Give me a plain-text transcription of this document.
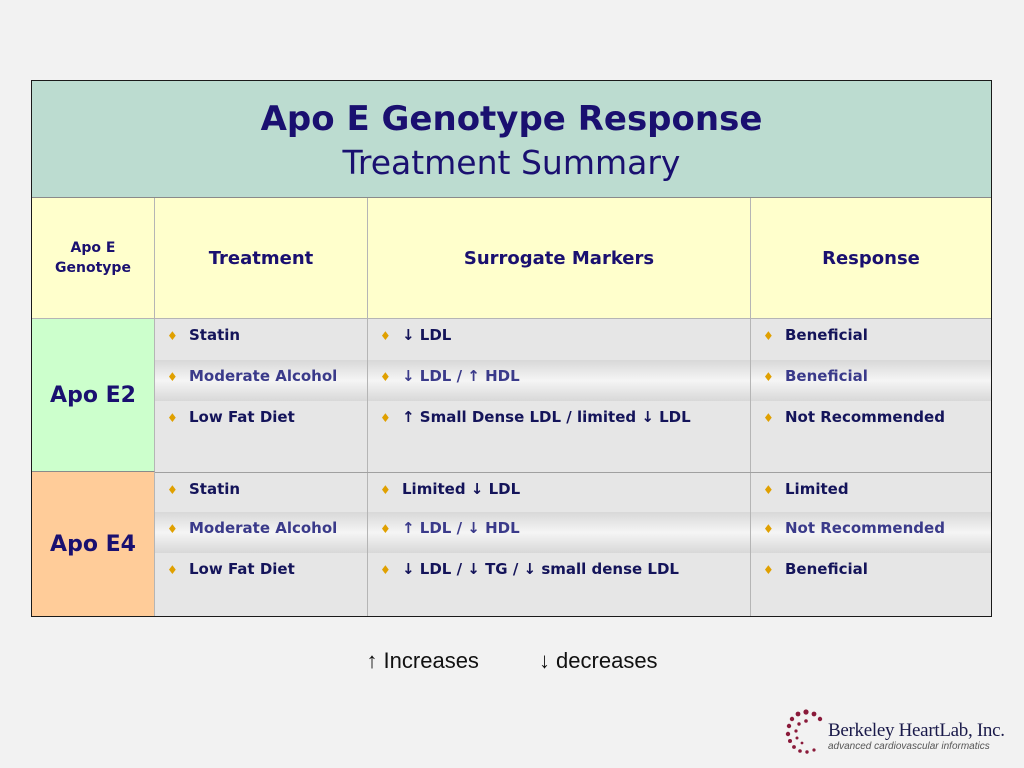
Apo E Genotype Response
Treatment Summary
Apo E
Genotype	Treatment	Surrogate Markers	Response
Apo E2
♦ Statin	♦ ↓ LDL	♦ Beneficial
♦ Moderate Alcohol	♦ ↓ LDL / ↑ HDL	♦ Beneficial
♦ Low Fat Diet	♦ ↑ Small Dense LDL / limited ↓ LDL	♦ Not Recommended
Apo E4
♦ Statin	♦ Limited ↓ LDL	♦ Limited
♦ Moderate Alcohol	♦ ↑ LDL / ↓ HDL	♦ Not Recommended
♦ Low Fat Diet	♦ ↓ LDL / ↓ TG / ↓ small dense LDL	♦ Beneficial
↑ Increases	↓ decreases
Berkeley HeartLab, Inc.
advanced cardiovascular informatics
